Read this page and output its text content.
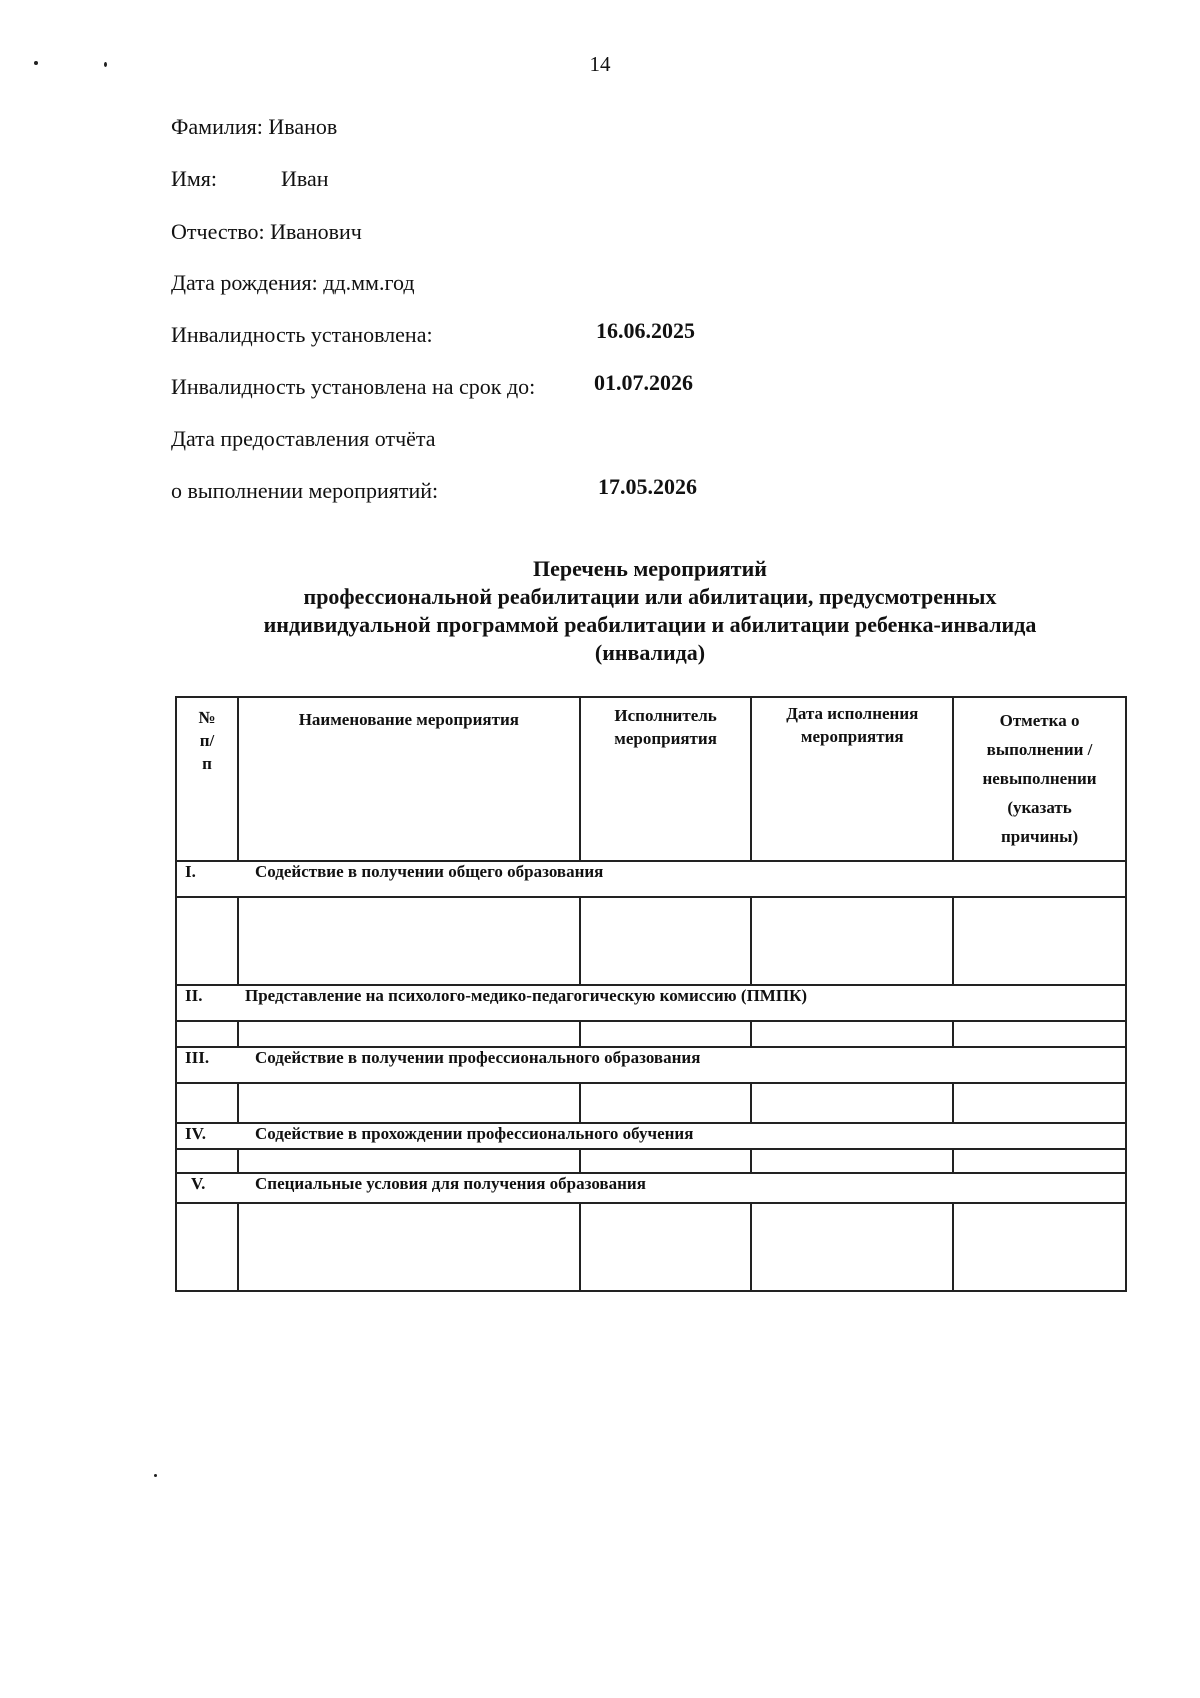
14
Фамилия: Иванов
Имя:	Иван
Отчество: Иванович
Дата рождения: дд.мм.год
Инвалидность установлена:	16.06.2025
Инвалидность установлена на срок до:	01.07.2026
Дата предоставления отчёта
о выполнении мероприятий:	17.05.2026
Перечень мероприятий
профессиональной реабилитации или абилитации, предусмотренных
индивидуальной программой реабилитации и абилитации ребенка-инвалида
(инвалида)
№ п/п	Наименование мероприятия	Исполнитель мероприятия	Дата исполнения мероприятия	Отметка о выполнении / невыполнении (указать причины)
I. Содействие в получении общего образования				

II. Представление на психолого-медико-педагогическую комиссию (ПМПК)				

III. Содействие в получении профессионального образования				

IV. Содействие в прохождении профессионального обучения				

V. Специальные условия для получения образования				
